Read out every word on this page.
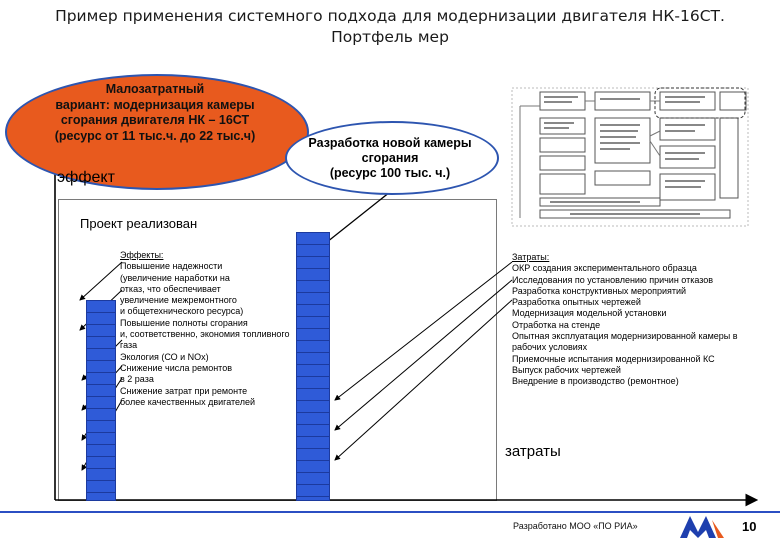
Пример применения системного подхода для модернизации двигателя НК-16СТ.
Портфель мер
Малозатратный
вариант: модернизация камеры
сгорания двигателя НК – 16СТ
(ресурс от 11 тыс.ч. до 22 тыс.ч)
Разработка новой камеры
сгорания
(ресурс 100 тыс. ч.)
эффект
Проект реализован
Эффекты:
Повышение надежности
(увеличение наработки на
отказ, что обеспечивает
увеличение межремонтного
и общетехнического ресурса)
Повышение полноты сгорания
и, соответственно, экономия топливного
газа
Экология (СО и NOx)
Снижение числа ремонтов
в 2 раза
Снижение затрат при ремонте
более качественных двигателей
Затраты:
ОКР создания экспериментального образца
Исследования по установлению причин отказов
Разработка конструктивных мероприятий
Разработка опытных чертежей
Модернизация модельной установки
Отработка на стенде
Опытная эксплуатация модернизированной камеры в
рабочих условиях
Приемочные испытания модернизированной КС
Выпуск рабочих чертежей
Внедрение в производство (ремонтное)
затраты
Разработано МОО «ПО РИА»	10
